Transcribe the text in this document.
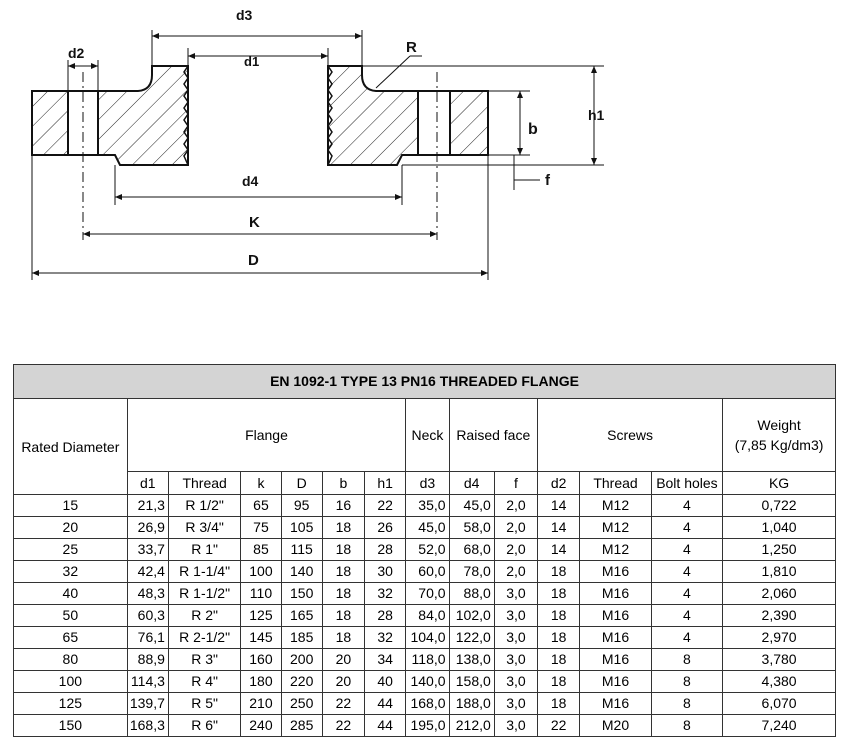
d3
d1
d2	R
h1
b
f
d4
K
D
EN 1092-1 TYPE 13 PN16 THREADED FLANGE													
Rated Diameter	Flange						Neck	Raised face		Screws			Weight
(7,85 Kg/dm3)
	d1	Thread	k	D	b	h1	d3	d4	f	d2	Thread	Bolt holes	KG
15	21,3	R 1/2"	65	95	16	22	35,0	45,0	2,0	14	M12	4	0,722
20	26,9	R 3/4"	75	105	18	26	45,0	58,0	2,0	14	M12	4	1,040
25	33,7	R 1"	85	115	18	28	52,0	68,0	2,0	14	M12	4	1,250
32	42,4	R 1-1/4"	100	140	18	30	60,0	78,0	2,0	18	M16	4	1,810
40	48,3	R 1-1/2"	110	150	18	32	70,0	88,0	3,0	18	M16	4	2,060
50	60,3	R 2"	125	165	18	28	84,0	102,0	3,0	18	M16	4	2,390
65	76,1	R 2-1/2"	145	185	18	32	104,0	122,0	3,0	18	M16	4	2,970
80	88,9	R 3"	160	200	20	34	118,0	138,0	3,0	18	M16	8	3,780
100	114,3	R 4"	180	220	20	40	140,0	158,0	3,0	18	M16	8	4,380
125	139,7	R 5"	210	250	22	44	168,0	188,0	3,0	18	M16	8	6,070
150	168,3	R 6"	240	285	22	44	195,0	212,0	3,0	22	M20	8	7,240
